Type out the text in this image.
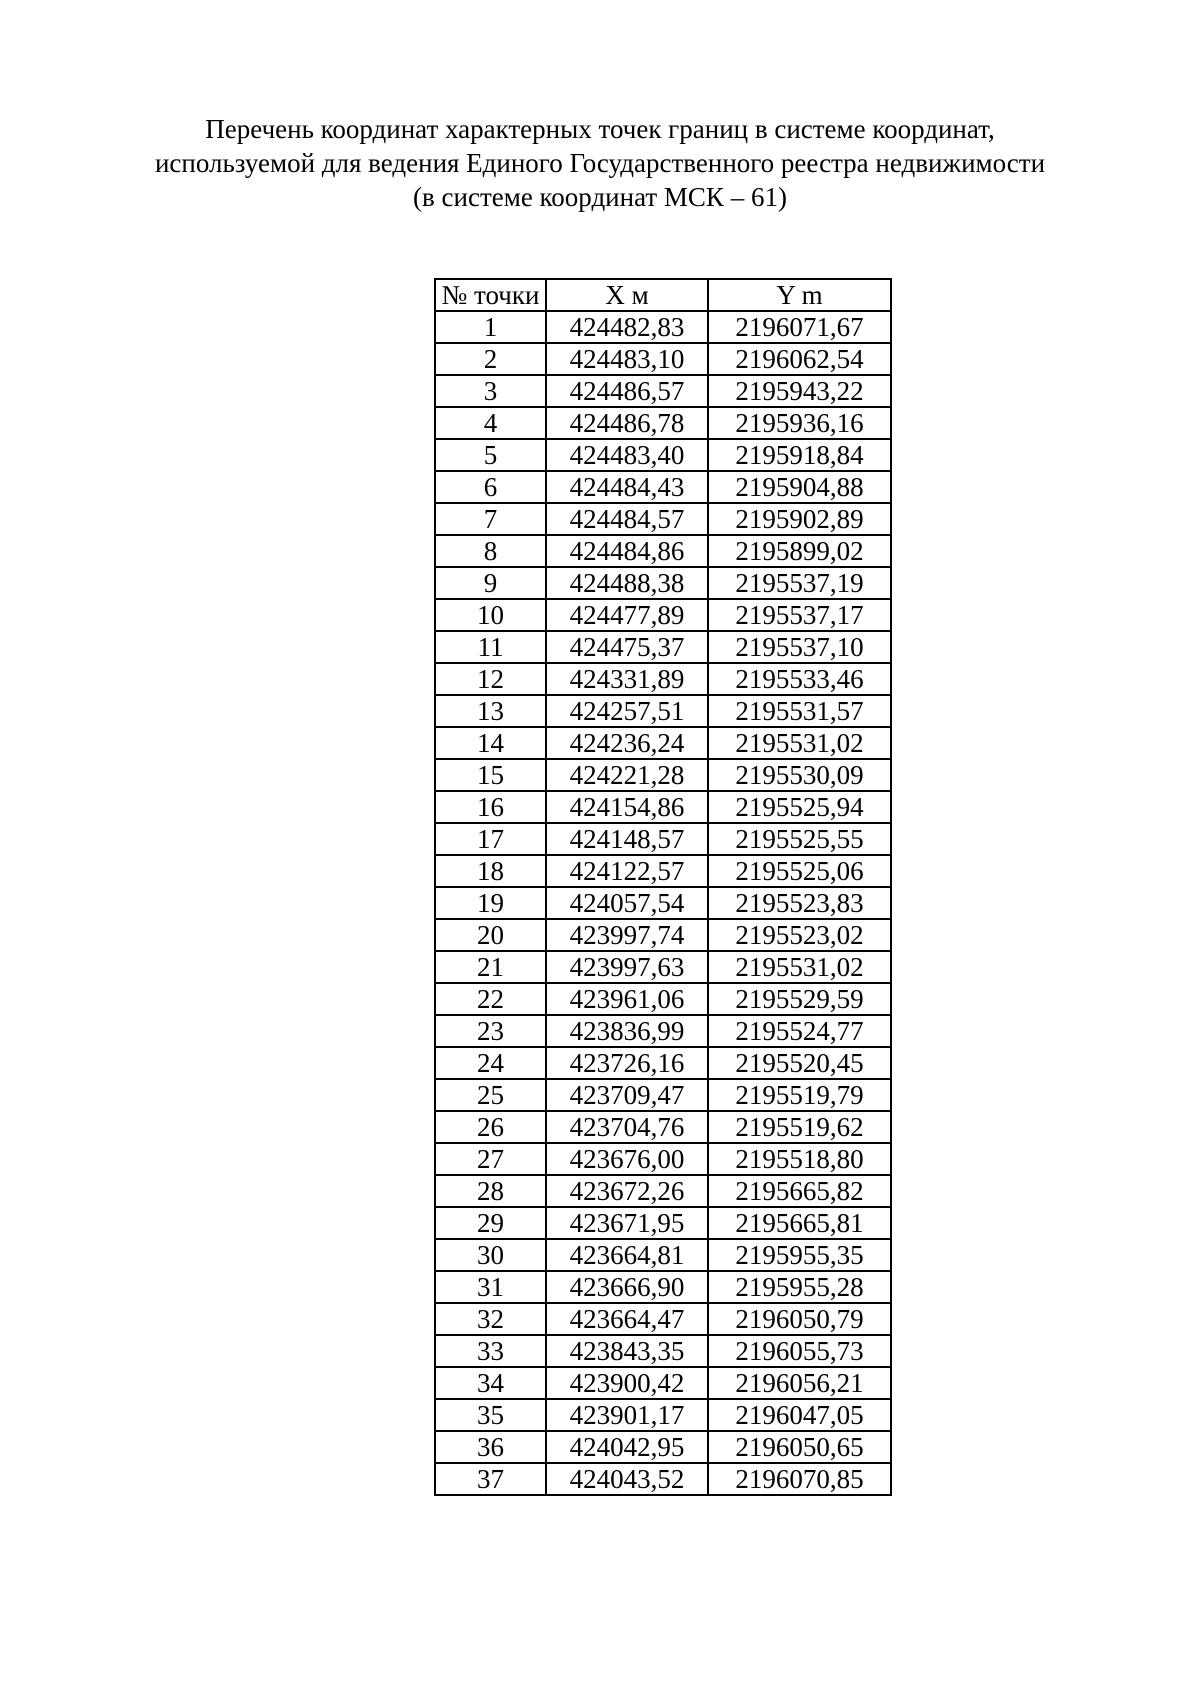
Перечень координат характерных точек границ в системе координат,
используемой для ведения Единого Государственного реестра недвижимости
(в системе координат МСК – 61)
№ точки	X м	Y m
1	424482,83	2196071,67
2	424483,10	2196062,54
3	424486,57	2195943,22
4	424486,78	2195936,16
5	424483,40	2195918,84
6	424484,43	2195904,88
7	424484,57	2195902,89
8	424484,86	2195899,02
9	424488,38	2195537,19
10	424477,89	2195537,17
11	424475,37	2195537,10
12	424331,89	2195533,46
13	424257,51	2195531,57
14	424236,24	2195531,02
15	424221,28	2195530,09
16	424154,86	2195525,94
17	424148,57	2195525,55
18	424122,57	2195525,06
19	424057,54	2195523,83
20	423997,74	2195523,02
21	423997,63	2195531,02
22	423961,06	2195529,59
23	423836,99	2195524,77
24	423726,16	2195520,45
25	423709,47	2195519,79
26	423704,76	2195519,62
27	423676,00	2195518,80
28	423672,26	2195665,82
29	423671,95	2195665,81
30	423664,81	2195955,35
31	423666,90	2195955,28
32	423664,47	2196050,79
33	423843,35	2196055,73
34	423900,42	2196056,21
35	423901,17	2196047,05
36	424042,95	2196050,65
37	424043,52	2196070,85
